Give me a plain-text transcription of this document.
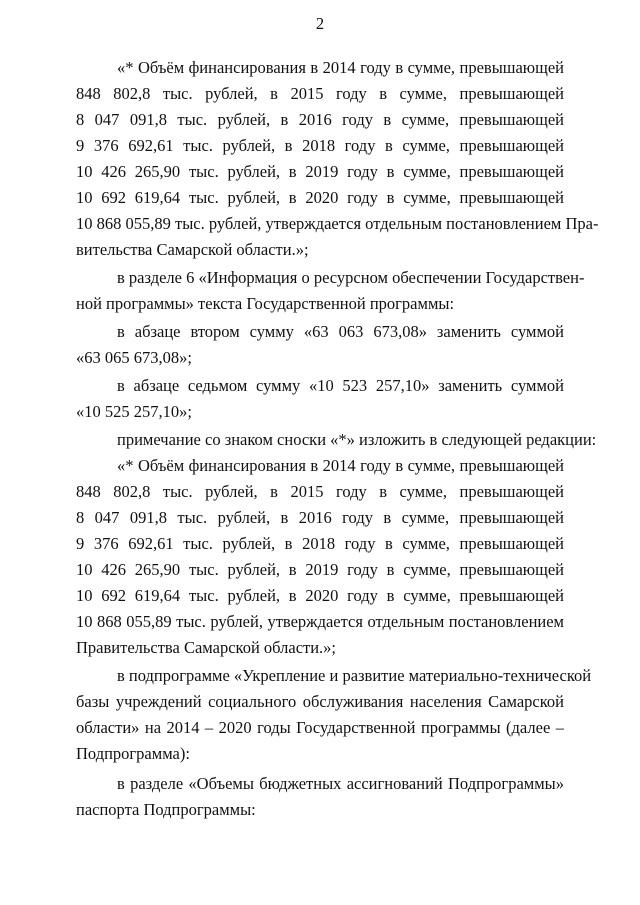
2
«* Объём финансирования в 2014 году в сумме, превышающей
848 802,8 тыс. рублей, в 2015 году в сумме, превышающей
8 047 091,8 тыс. рублей, в 2016 году в сумме, превышающей
9 376 692,61 тыс. рублей, в 2018 году в сумме, превышающей
10 426 265,90 тыс. рублей, в 2019 году в сумме, превышающей
10 692 619,64 тыс. рублей, в 2020 году в сумме, превышающей
10 868 055,89 тыс. рублей, утверждается отдельным постановлением Пра-
вительства Самарской области.»;
в разделе 6 «Информация о ресурсном обеспечении Государствен-
ной программы» текста Государственной программы:
в абзаце втором сумму «63 063 673,08» заменить суммой
«63 065 673,08»;
в абзаце седьмом сумму «10 523 257,10» заменить суммой
«10 525 257,10»;
примечание со знаком сноски «*» изложить в следующей редакции:
«* Объём финансирования в 2014 году в сумме, превышающей
848 802,8 тыс. рублей, в 2015 году в сумме, превышающей
8 047 091,8 тыс. рублей, в 2016 году в сумме, превышающей
9 376 692,61 тыс. рублей, в 2018 году в сумме, превышающей
10 426 265,90 тыс. рублей, в 2019 году в сумме, превышающей
10 692 619,64 тыс. рублей, в 2020 году в сумме, превышающей
10 868 055,89 тыс. рублей, утверждается отдельным постановлением
Правительства Самарской области.»;
в подпрограмме «Укрепление и развитие материально-технической
базы учреждений социального обслуживания населения Самарской
области» на 2014 – 2020 годы Государственной программы (далее –
Подпрограмма):
в разделе «Объемы бюджетных ассигнований Подпрограммы»
паспорта Подпрограммы:
